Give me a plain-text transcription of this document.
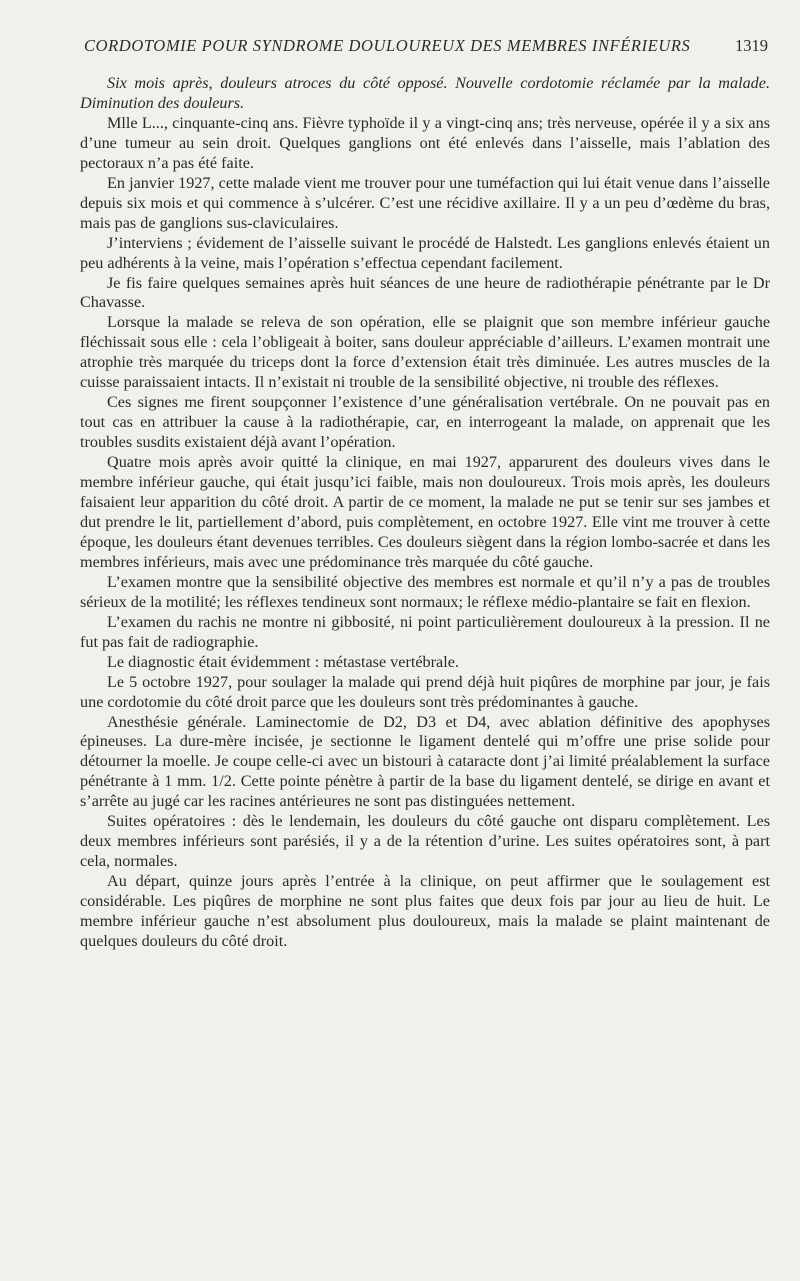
CORDOTOMIE POUR SYNDROME DOULOUREUX DES MEMBRES INFÉRIEURS	1319

Six mois après, douleurs atroces du côté opposé. Nouvelle cordotomie réclamée par la malade. Diminution des douleurs.

Mlle L..., cinquante-cinq ans. Fièvre typhoïde il y a vingt-cinq ans; très nerveuse, opérée il y a six ans d’une tumeur au sein droit. Quelques ganglions ont été enlevés dans l’aisselle, mais l’ablation des pectoraux n’a pas été faite.

En janvier 1927, cette malade vient me trouver pour une tuméfaction qui lui était venue dans l’aisselle depuis six mois et qui commence à s’ulcérer. C’est une récidive axillaire. Il y a un peu d’œdème du bras, mais pas de ganglions sus-claviculaires.

J’interviens ; évidement de l’aisselle suivant le procédé de Halstedt. Les ganglions enlevés étaient un peu adhérents à la veine, mais l’opération s’effectua cependant facilement.

Je fis faire quelques semaines après huit séances de une heure de radiothérapie pénétrante par le Dr Chavasse.

Lorsque la malade se releva de son opération, elle se plaignit que son membre inférieur gauche fléchissait sous elle : cela l’obligeait à boiter, sans douleur appréciable d’ailleurs. L’examen montrait une atrophie très marquée du triceps dont la force d’extension était très diminuée. Les autres muscles de la cuisse paraissaient intacts. Il n’existait ni trouble de la sensibilité objective, ni trouble des réflexes.

Ces signes me firent soupçonner l’existence d’une généralisation vertébrale. On ne pouvait pas en tout cas en attribuer la cause à la radiothérapie, car, en interrogeant la malade, on apprenait que les troubles susdits existaient déjà avant l’opération.

Quatre mois après avoir quitté la clinique, en mai 1927, apparurent des douleurs vives dans le membre inférieur gauche, qui était jusqu’ici faible, mais non douloureux. Trois mois après, les douleurs faisaient leur apparition du côté droit. A partir de ce moment, la malade ne put se tenir sur ses jambes et dut prendre le lit, partiellement d’abord, puis complètement, en octobre 1927. Elle vint me trouver à cette époque, les douleurs étant devenues terribles. Ces douleurs siègent dans la région lombo-sacrée et dans les membres inférieurs, mais avec une prédominance très marquée du côté gauche.

L’examen montre que la sensibilité objective des membres est normale et qu’il n’y a pas de troubles sérieux de la motilité; les réflexes tendineux sont normaux; le réflexe médio-plantaire se fait en flexion.

L’examen du rachis ne montre ni gibbosité, ni point particulièrement douloureux à la pression. Il ne fut pas fait de radiographie.

Le diagnostic était évidemment : métastase vertébrale.

Le 5 octobre 1927, pour soulager la malade qui prend déjà huit piqûres de morphine par jour, je fais une cordotomie du côté droit parce que les douleurs sont très prédominantes à gauche.

Anesthésie générale. Laminectomie de D2, D3 et D4, avec ablation définitive des apophyses épineuses. La dure-mère incisée, je sectionne le ligament dentelé qui m’offre une prise solide pour détourner la moelle. Je coupe celle-ci avec un bistouri à cataracte dont j’ai limité préalablement la surface pénétrante à 1 mm. 1/2. Cette pointe pénètre à partir de la base du ligament dentelé, se dirige en avant et s’arrête au jugé car les racines antérieures ne sont pas distinguées nettement.

Suites opératoires : dès le lendemain, les douleurs du côté gauche ont disparu complètement. Les deux membres inférieurs sont parésiés, il y a de la rétention d’urine. Les suites opératoires sont, à part cela, normales.

Au départ, quinze jours après l’entrée à la clinique, on peut affirmer que le soulagement est considérable. Les piqûres de morphine ne sont plus faites que deux fois par jour au lieu de huit. Le membre inférieur gauche n’est absolument plus douloureux, mais la malade se plaint maintenant de quelques douleurs du côté droit.
